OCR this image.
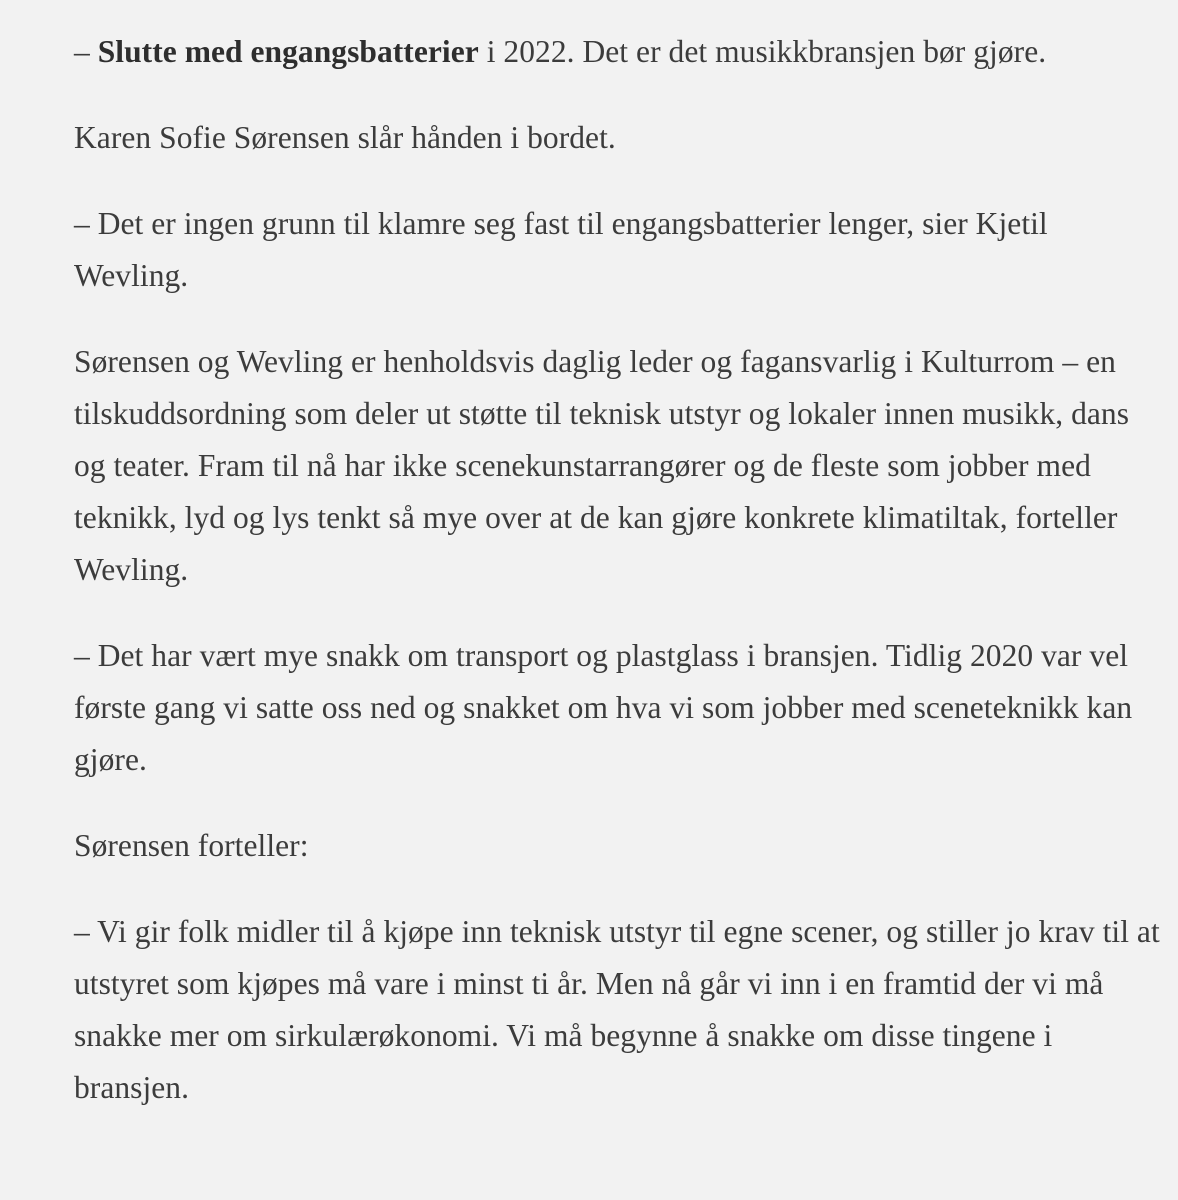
– Slutte med engangsbatterier i 2022. Det er det musikkbransjen bør gjøre.

Karen Sofie Sørensen slår hånden i bordet.

– Det er ingen grunn til klamre seg fast til engangsbatterier lenger, sier Kjetil Wevling.

Sørensen og Wevling er henholdsvis daglig leder og fagansvarlig i Kulturrom – en tilskuddsordning som deler ut støtte til teknisk utstyr og lokaler innen musikk, dans og teater. Fram til nå har ikke scenekunstarrangører og de fleste som jobber med teknikk, lyd og lys tenkt så mye over at de kan gjøre konkrete klimatiltak, forteller Wevling.

– Det har vært mye snakk om transport og plastglass i bransjen. Tidlig 2020 var vel første gang vi satte oss ned og snakket om hva vi som jobber med sceneteknikk kan gjøre.

Sørensen forteller:

– Vi gir folk midler til å kjøpe inn teknisk utstyr til egne scener, og stiller jo krav til at utstyret som kjøpes må vare i minst ti år. Men nå går vi inn i en framtid der vi må snakke mer om sirkulærøkonomi. Vi må begynne å snakke om disse tingene i bransjen.
